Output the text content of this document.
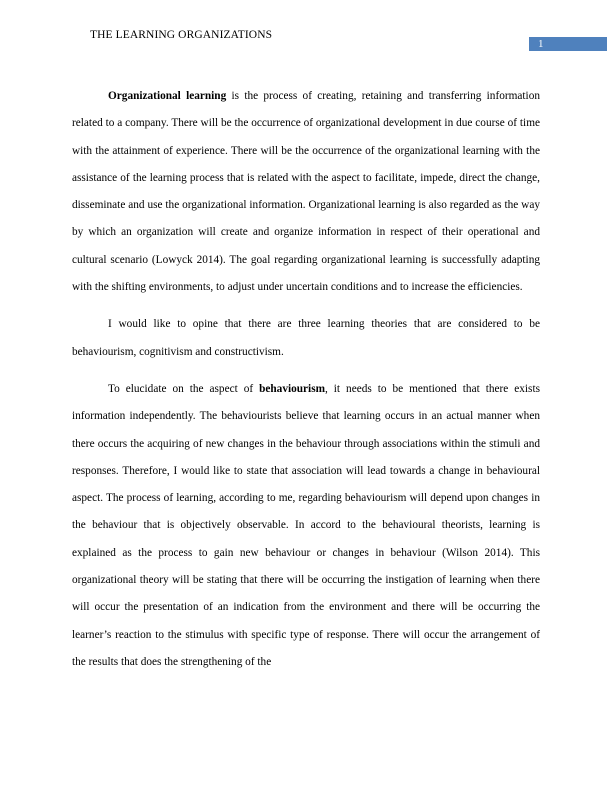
THE LEARNING ORGANIZATIONS
1

Organizational learning is the process of creating, retaining and transferring information related to a company. There will be the occurrence of organizational development in due course of time with the attainment of experience. There will be the occurrence of the organizational learning with the assistance of the learning process that is related with the aspect to facilitate, impede, direct the change, disseminate and use the organizational information. Organizational learning is also regarded as the way by which an organization will create and organize information in respect of their operational and cultural scenario (Lowyck 2014). The goal regarding organizational learning is successfully adapting with the shifting environments, to adjust under uncertain conditions and to increase the efficiencies.

I would like to opine that there are three learning theories that are considered to be behaviourism, cognitivism and constructivism.

To elucidate on the aspect of behaviourism, it needs to be mentioned that there exists information independently. The behaviourists believe that learning occurs in an actual manner when there occurs the acquiring of new changes in the behaviour through associations within the stimuli and responses. Therefore, I would like to state that association will lead towards a change in behavioural aspect. The process of learning, according to me, regarding behaviourism will depend upon changes in the behaviour that is objectively observable. In accord to the behavioural theorists, learning is explained as the process to gain new behaviour or changes in behaviour (Wilson 2014). This organizational theory will be stating that there will be occurring the instigation of learning when there will occur the presentation of an indication from the environment and there will be occurring the learner’s reaction to the stimulus with specific type of response. There will occur the arrangement of the results that does the strengthening of the
